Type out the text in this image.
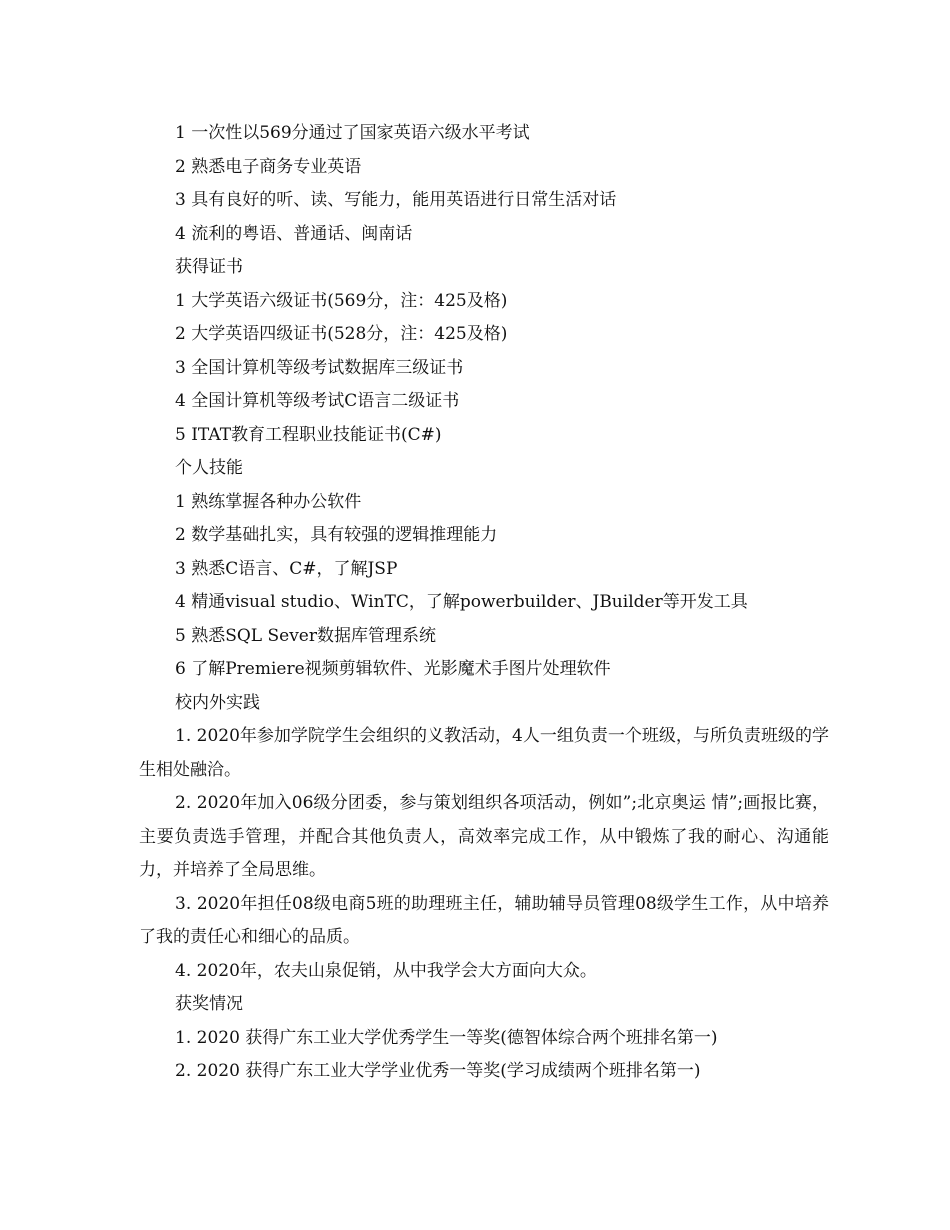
1 一次性以569分通过了国家英语六级水平考试
2 熟悉电子商务专业英语
3 具有良好的听、读、写能力，能用英语进行日常生活对话
4 流利的粤语、普通话、闽南话
获得证书
1 大学英语六级证书(569分，注：425及格)
2 大学英语四级证书(528分，注：425及格)
3 全国计算机等级考试数据库三级证书
4 全国计算机等级考试C语言二级证书
5 ITAT教育工程职业技能证书(C#)
个人技能
1 熟练掌握各种办公软件
2 数学基础扎实，具有较强的逻辑推理能力
3 熟悉C语言、C#，了解JSP
4 精通visual studio、WinTC，了解powerbuilder、JBuilder等开发工具
5 熟悉SQL Sever数据库管理系统
6 了解Premiere视频剪辑软件、光影魔术手图片处理软件
校内外实践

1. 2020年参加学院学生会组织的义教活动，4人一组负责一个班级，与所负责班级的学生相处融洽。

2. 2020年加入06级分团委，参与策划组织各项活动，例如”;北京奥运 情”;画报比赛，主要负责选手管理，并配合其他负责人，高效率完成工作，从中锻炼了我的耐心、沟通能力，并培养了全局思维。

3. 2020年担任08级电商5班的助理班主任，辅助辅导员管理08级学生工作，从中培养了我的责任心和细心的品质。

4. 2020年，农夫山泉促销，从中我学会大方面向大众。

获奖情况
1. 2020 获得广东工业大学优秀学生一等奖(德智体综合两个班排名第一)
2. 2020 获得广东工业大学学业优秀一等奖(学习成绩两个班排名第一)
